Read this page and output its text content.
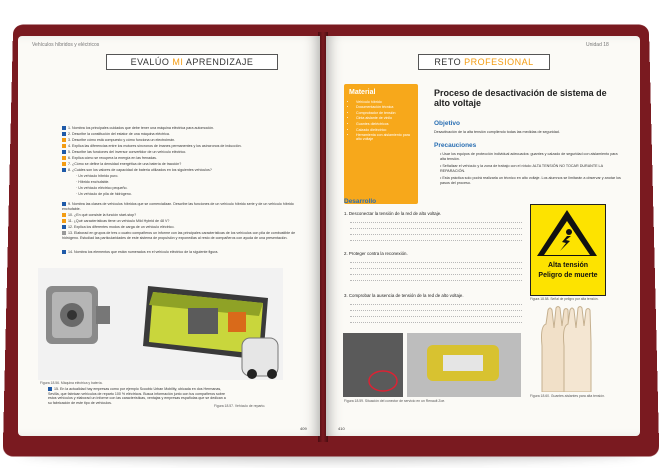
Vehículos híbridos y eléctricos
EVALÚO MI APRENDIZAJE
1. Nombra los principales cuidados que debe tener una máquina eléctrica para automoción.
2. Describe la constitución del estator de una máquina eléctrica.
3. Describe cómo está compuesto y cómo funciona un electroimán.
4. Explica las diferencias entre los motores síncronos de imanes permanentes y los asíncronos de inducción.
5. Describe las funciones del inversor convertidor de un vehículo eléctrico.
6. Explica cómo se recupera la energía en las frenadas.
7. ¿Cómo se define la densidad energética de una batería de tracción?
8. ¿Cuáles son los valores de capacidad de batería utilizados en los siguientes vehículos?
9. Nombra las clases de vehículos híbridos que se comercializan. Describe las funciones de un vehículo híbrido serie y de un vehículo híbrido enchufable.
10. ¿En qué consiste la función start-stop?
11. ¿Qué características tiene un vehículo Mild Hybrid de 48 V?
12. Explica los diferentes modos de carga de un vehículo eléctrico.
13. Elaborad en grupos de tres o cuatro compañeros un informe con las principales características de los vehículos con pila de combustible de hidrógeno. Estudiad las particularidades de este sistema de propulsión y exponedlas al resto de compañeros con ayuda de una presentación.
14. Nombra los elementos que están numerados en el vehículo eléctrico de la siguiente figura.
· Un vehículo híbrido puro.
· Híbrido enchufable.
· Un vehículo eléctrico pequeño.
· Un vehículo de pila de hidrógeno.
Figura 18.56. Máquina eléctrica y batería.
Figura 18.57. Vehículo de reparto.
15. En la actualidad hay empresas como por ejemplo Scoobic Urban Mobility, ubicada en dos Hermanas, Sevilla, que fabrican vehículos de reparto 100 % eléctricos. Busca información junto con tus compañeros sobre estos vehículos y elaborad un informe con las características, ventajas y empresas españolas que se dedican a su fabricación de este tipo de vehículos.
409
Unidad 18
RETO PROFESIONAL
410
Material
• Vehículo híbrido
• Documentación técnica
• Comprobador de tensión
• Cinta aislante de vinilo
• Guantes dieléctricos
• Calzado dieléctrico
• Herramienta con aislamiento para alto voltaje
Proceso de desactivación de sistema de alto voltaje
Objetivo
Desactivación de la alta tensión cumpliendo todas las medidas de seguridad.
Precauciones
• Usar los equipos de protección individual adecuados: guantes y calzado de seguridad con aislamiento para alta tensión.
• Señalizar el vehículo y la zona de trabajo con el rótulo: ALTA TENSIÓN NO TOCAR DURANTE LA REPARACIÓN.
• Esta práctica solo podrá realizarla un técnico en alto voltaje. Los alumnos se limitarán a observar y anotar los pasos del proceso.
Desarrollo
1. Desconectar la tensión de la red de alto voltaje.
2. Proteger contra la reconexión.
3. Comprobar la ausencia de tensión de la red de alto voltaje.
Alta tensión
Peligro de muerte
Figura 18.58. Señal de peligro por alta tensión.
Figura 18.59. Situación del conector de servicio en un Renault Zoe.
Figura 18.60. Guantes aislantes para alta tensión.
